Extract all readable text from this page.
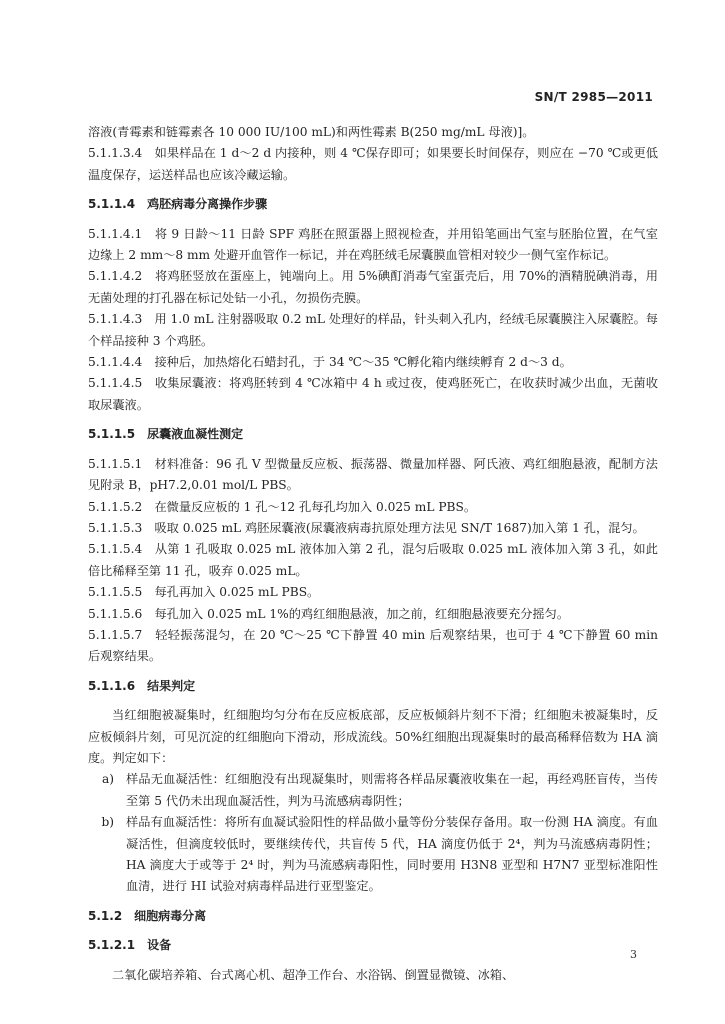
SN/T 2985—2011

溶液(青霉素和链霉素各 10 000 IU/100 mL)和两性霉素 B(250 mg/mL 母液)]。

5.1.1.3.4　如果样品在 1 d～2 d 内接种，则 4 ℃保存即可；如果要长时间保存，则应在 −70 ℃或更低温度保存，运送样品也应该冷藏运输。

5.1.1.4　鸡胚病毒分离操作步骤

5.1.1.4.1　将 9 日龄～11 日龄 SPF 鸡胚在照蛋器上照视检查，并用铅笔画出气室与胚胎位置，在气室边缘上 2 mm～8 mm 处避开血管作一标记，并在鸡胚绒毛尿囊膜血管相对较少一侧气室作标记。

5.1.1.4.2　将鸡胚竖放在蛋座上，钝端向上。用 5%碘酊消毒气室蛋壳后，用 70%的酒精脱碘消毒，用无菌处理的打孔器在标记处钻一小孔，勿损伤壳膜。

5.1.1.4.3　用 1.0 mL 注射器吸取 0.2 mL 处理好的样品，针头刺入孔内，经绒毛尿囊膜注入尿囊腔。每个样品接种 3 个鸡胚。

5.1.1.4.4　接种后，加热熔化石蜡封孔，于 34 ℃～35 ℃孵化箱内继续孵育 2 d～3 d。

5.1.1.4.5　收集尿囊液：将鸡胚转到 4 ℃冰箱中 4 h 或过夜，使鸡胚死亡，在收获时减少出血，无菌收取尿囊液。

5.1.1.5　尿囊液血凝性测定

5.1.1.5.1　材料准备：96 孔 V 型微量反应板、振荡器、微量加样器、阿氏液、鸡红细胞悬液，配制方法见附录 B，pH7.2,0.01 mol/L PBS。

5.1.1.5.2　在微量反应板的 1 孔～12 孔每孔均加入 0.025 mL PBS。

5.1.1.5.3　吸取 0.025 mL 鸡胚尿囊液(尿囊液病毒抗原处理方法见 SN/T 1687)加入第 1 孔，混匀。

5.1.1.5.4　从第 1 孔吸取 0.025 mL 液体加入第 2 孔，混匀后吸取 0.025 mL 液体加入第 3 孔，如此倍比稀释至第 11 孔，吸弃 0.025 mL。

5.1.1.5.5　每孔再加入 0.025 mL PBS。

5.1.1.5.6　每孔加入 0.025 mL 1%的鸡红细胞悬液，加之前，红细胞悬液要充分摇匀。

5.1.1.5.7　轻轻振荡混匀，在 20 ℃～25 ℃下静置 40 min 后观察结果，也可于 4 ℃下静置 60 min 后观察结果。

5.1.1.6　结果判定

当红细胞被凝集时，红细胞均匀分布在反应板底部，反应板倾斜片刻不下滑；红细胞未被凝集时，反应板倾斜片刻，可见沉淀的红细胞向下滑动，形成流线。50%红细胞出现凝集时的最高稀释倍数为 HA 滴度。判定如下：

a) 样品无血凝活性：红细胞没有出现凝集时，则需将各样品尿囊液收集在一起，再经鸡胚盲传，当传至第 5 代仍未出现血凝活性，判为马流感病毒阴性；
b) 样品有血凝活性：将所有血凝试验阳性的样品做小量等份分装保存备用。取一份测 HA 滴度。有血凝活性，但滴度较低时，要继续传代，共盲传 5 代，HA 滴度仍低于 2⁴，判为马流感病毒阴性；HA 滴度大于或等于 2⁴ 时，判为马流感病毒阳性，同时要用 H3N8 亚型和 H7N7 亚型标准阳性血清，进行 HI 试验对病毒样品进行亚型鉴定。

5.1.2　细胞病毒分离

5.1.2.1　设备

二氧化碳培养箱、台式离心机、超净工作台、水浴锅、倒置显微镜、冰箱、

3
